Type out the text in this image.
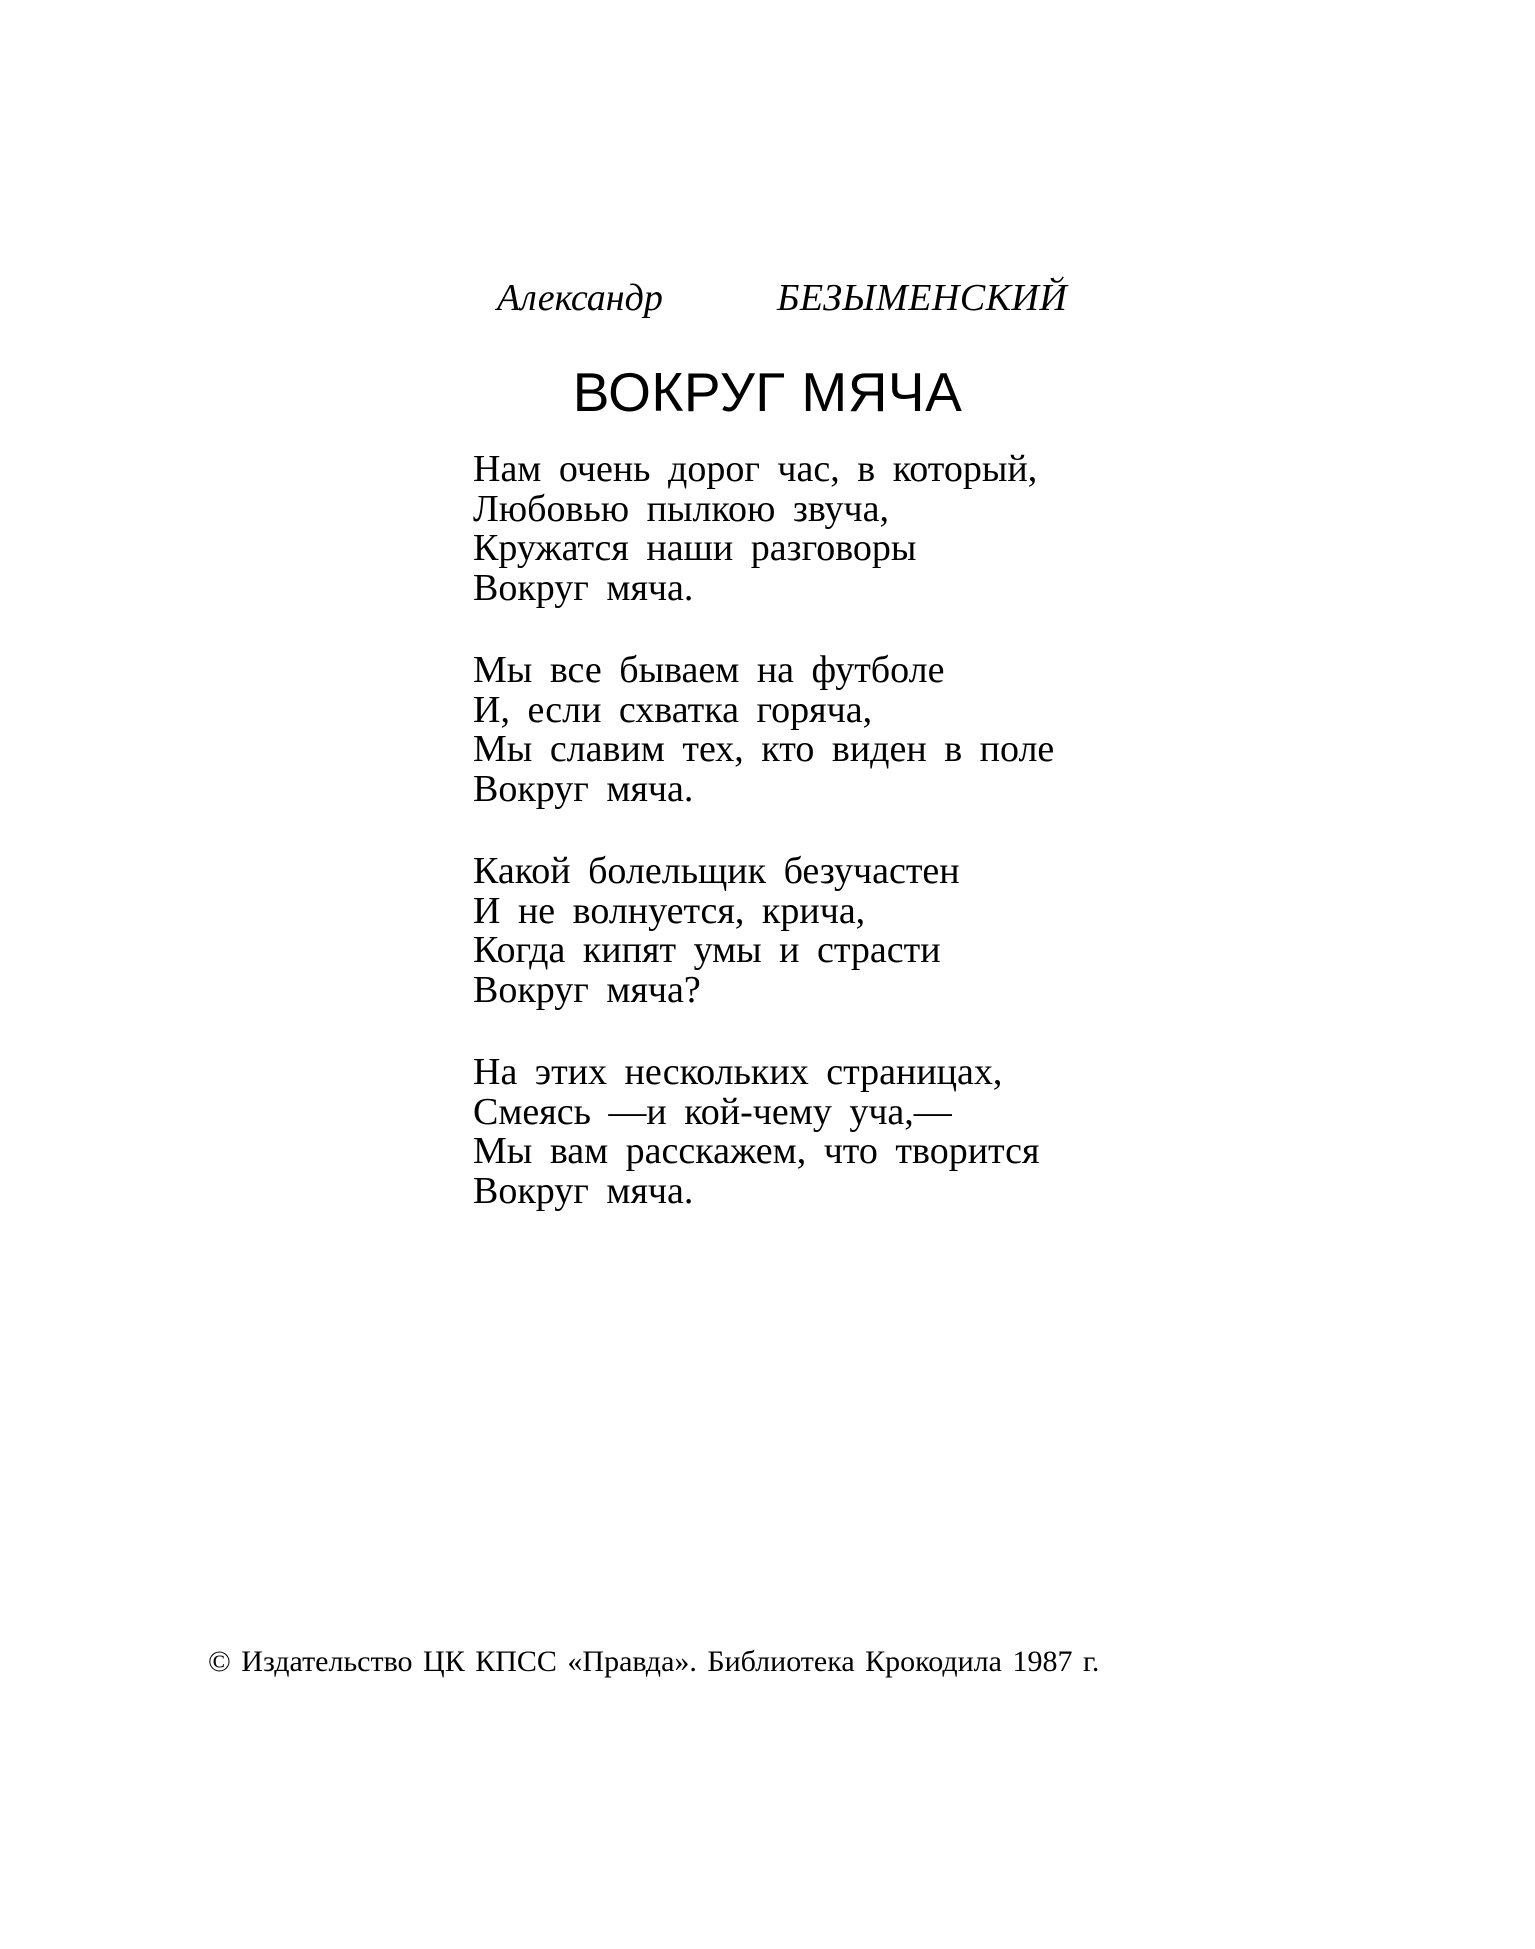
Александр	БЕЗЫМЕНСКИЙ
ВОКРУГ МЯЧА
Нам очень дорог час, в который,
Любовью пылкою звуча,
Кружатся наши разговоры
Вокруг мяча.
Мы все бываем на футболе
И, если схватка горяча,
Мы славим тех, кто виден в поле
Вокруг мяча.
Какой болельщик безучастен
И не волнуется, крича,
Когда кипят умы и страсти
Вокруг мяча?
На этих нескольких страницах,
Смеясь —и кой-чему уча,—
Мы вам расскажем, что творится
Вокруг мяча.
© Издательство ЦК КПСС «Правда». Библиотека Крокодила 1987 г.
